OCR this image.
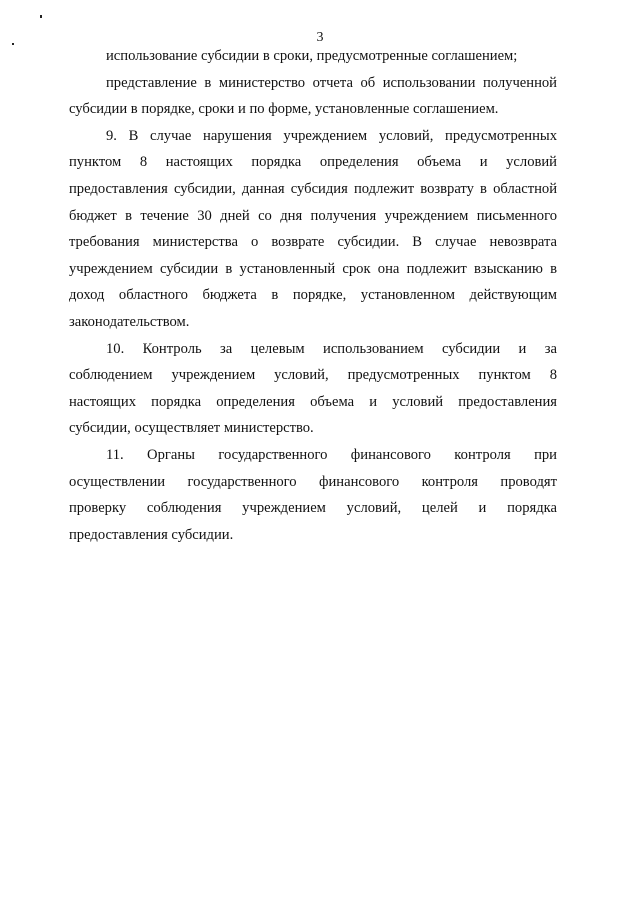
3
использование субсидии в сроки, предусмотренные соглашением;
представление в министерство отчета об использовании полученной
субсидии в порядке, сроки и по форме, установленные соглашением.
9. В случае нарушения учреждением условий, предусмотренных
пунктом 8 настоящих порядка определения объема и условий
предоставления субсидии, данная субсидия подлежит возврату в областной
бюджет в течение 30 дней со дня получения учреждением письменного
требования министерства о возврате субсидии. В случае невозврата
учреждением субсидии в установленный срок она подлежит взысканию в
доход областного бюджета в порядке, установленном действующим
законодательством.
10. Контроль за целевым использованием субсидии и за
соблюдением учреждением условий, предусмотренных пунктом 8
настоящих порядка определения объема и условий предоставления
субсидии, осуществляет министерство.
11. Органы государственного финансового контроля при
осуществлении государственного финансового контроля проводят
проверку соблюдения учреждением условий, целей и порядка
предоставления субсидии.
